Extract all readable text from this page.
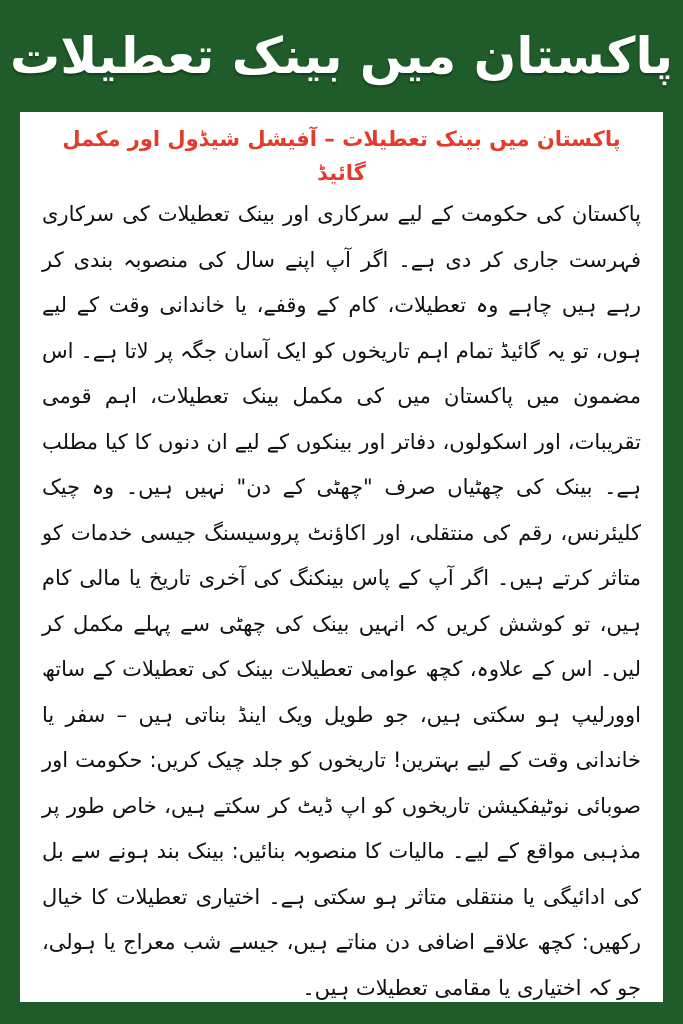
پاکستان میں بینک تعطیلات
پاکستان میں بینک تعطیلات – آفیشل شیڈول اور مکمل گائیڈ

پاکستان کی حکومت کے لیے سرکاری اور بینک تعطیلات کی سرکاری فہرست جاری کر دی ہے۔ اگر آپ اپنے سال کی منصوبہ بندی کر رہے ہیں چاہے وہ تعطیلات، کام کے وقفے، یا خاندانی وقت کے لیے ہوں، تو یہ گائیڈ تمام اہم تاریخوں کو ایک آسان جگہ پر لاتا ہے۔ اس مضمون میں پاکستان میں کی مکمل بینک تعطیلات، اہم قومی تقریبات، اور اسکولوں، دفاتر اور بینکوں کے لیے ان دنوں کا کیا مطلب ہے۔ بینک کی چھٹیاں صرف "چھٹی کے دن" نہیں ہیں۔ وہ چیک کلیئرنس، رقم کی منتقلی، اور اکاؤنٹ پروسیسنگ جیسی خدمات کو متاثر کرتے ہیں۔ اگر آپ کے پاس بینکنگ کی آخری تاریخ یا مالی کام ہیں، تو کوشش کریں کہ انہیں بینک کی چھٹی سے پہلے مکمل کر لیں۔ اس کے علاوہ، کچھ عوامی تعطیلات بینک کی تعطیلات کے ساتھ اوورلیپ ہو سکتی ہیں، جو طویل ویک اینڈ بناتی ہیں – سفر یا خاندانی وقت کے لیے بہترین! تاریخوں کو جلد چیک کریں: حکومت اور صوبائی نوٹیفکیشن تاریخوں کو اپ ڈیٹ کر سکتے ہیں، خاص طور پر مذہبی مواقع کے لیے۔ مالیات کا منصوبہ بنائیں: بینک بند ہونے سے بل کی ادائیگی یا منتقلی متاثر ہو سکتی ہے۔ اختیاری تعطیلات کا خیال رکھیں: کچھ علاقے اضافی دن مناتے ہیں، جیسے شب معراج یا ہولی، جو کہ اختیاری یا مقامی تعطیلات ہیں۔
